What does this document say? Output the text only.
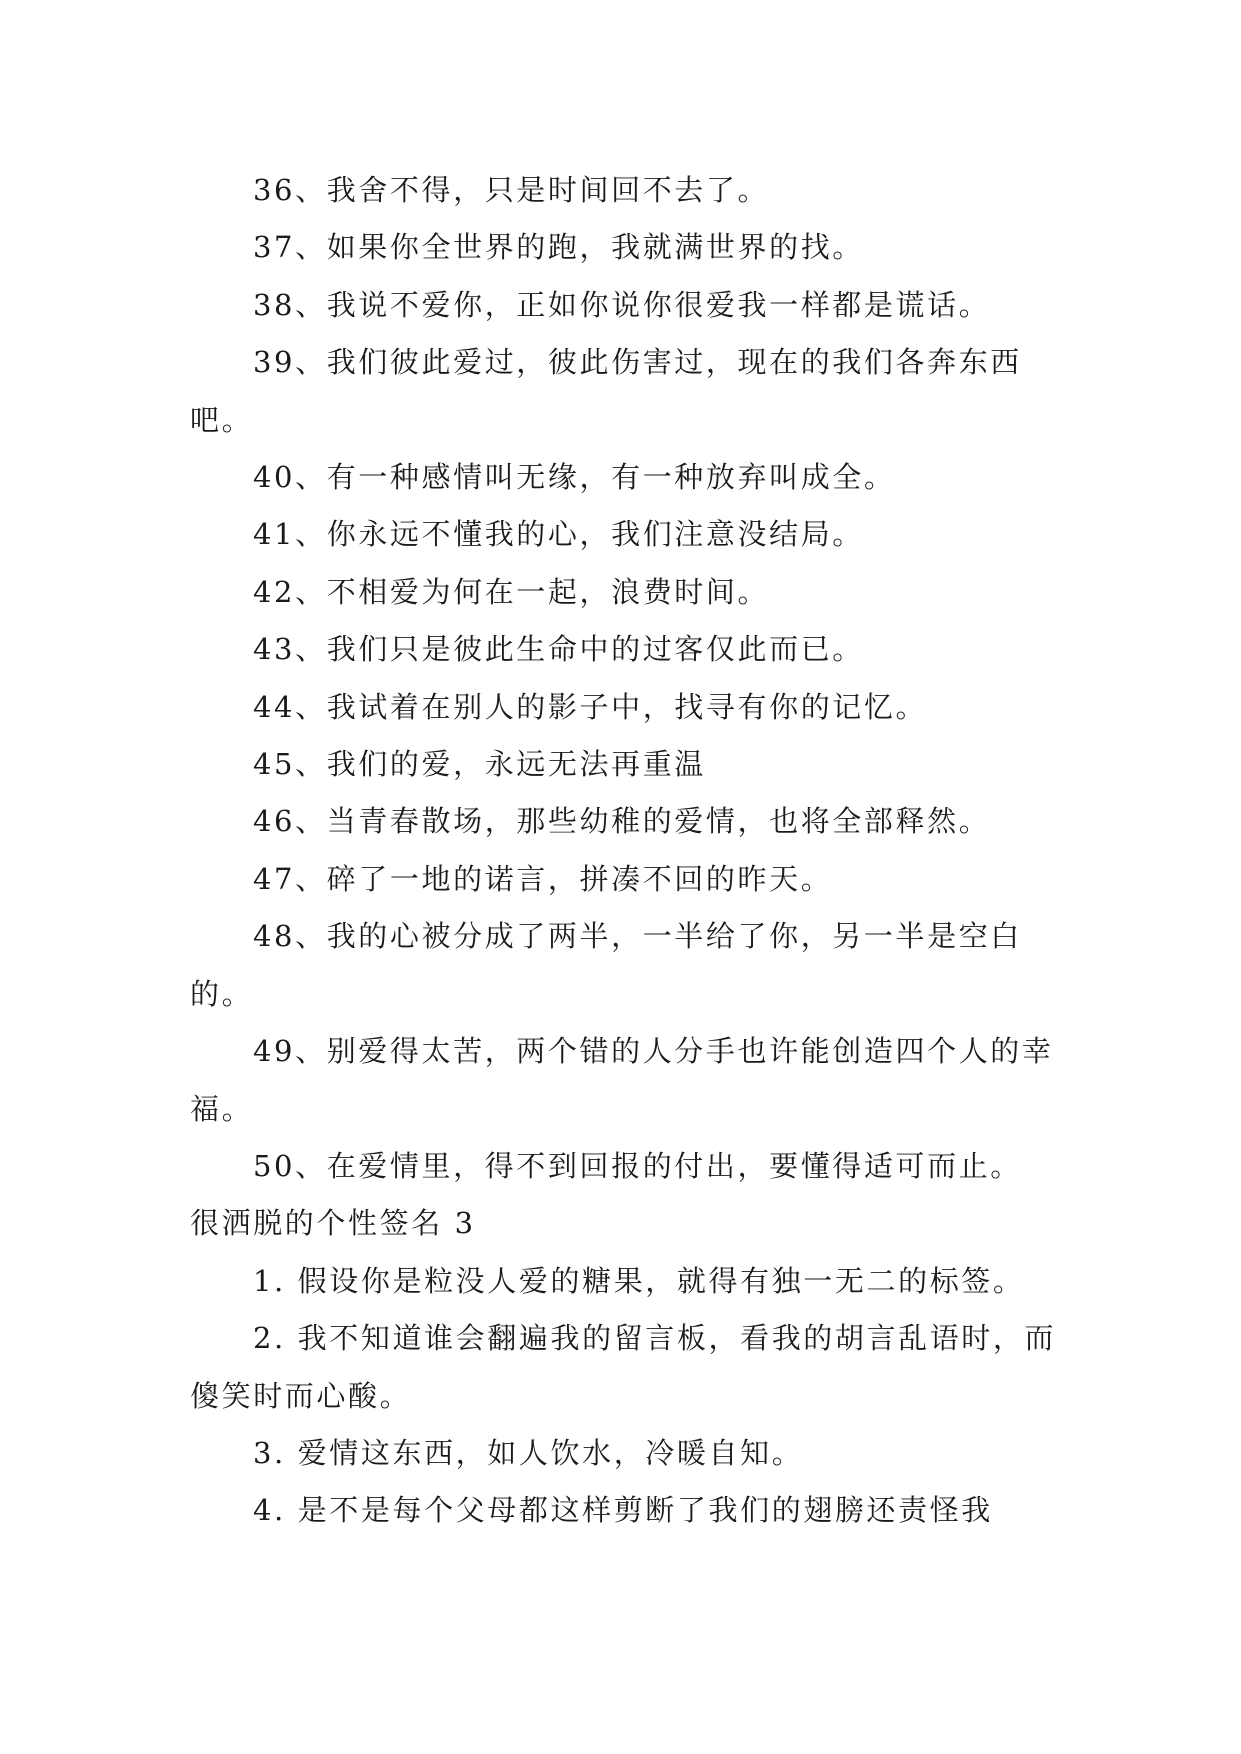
36、我舍不得，只是时间回不去了。

37、如果你全世界的跑，我就满世界的找。

38、我说不爱你，正如你说你很爱我一样都是谎话。

39、我们彼此爱过，彼此伤害过，现在的我们各奔东西吧。

40、有一种感情叫无缘，有一种放弃叫成全。

41、你永远不懂我的心，我们注意没结局。

42、不相爱为何在一起，浪费时间。

43、我们只是彼此生命中的过客仅此而已。

44、我试着在别人的影子中，找寻有你的记忆。

45、我们的爱，永远无法再重温

46、当青春散场，那些幼稚的爱情，也将全部释然。

47、碎了一地的诺言，拼凑不回的昨天。

48、我的心被分成了两半，一半给了你，另一半是空白的。

49、别爱得太苦，两个错的人分手也许能创造四个人的幸福。

50、在爱情里，得不到回报的付出，要懂得适可而止。

很洒脱的个性签名 3

1. 假设你是粒没人爱的糖果，就得有独一无二的标签。

2. 我不知道谁会翻遍我的留言板，看我的胡言乱语时，而傻笑时而心酸。

3. 爱情这东西，如人饮水，冷暖自知。

4. 是不是每个父母都这样剪断了我们的翅膀还责怪我
